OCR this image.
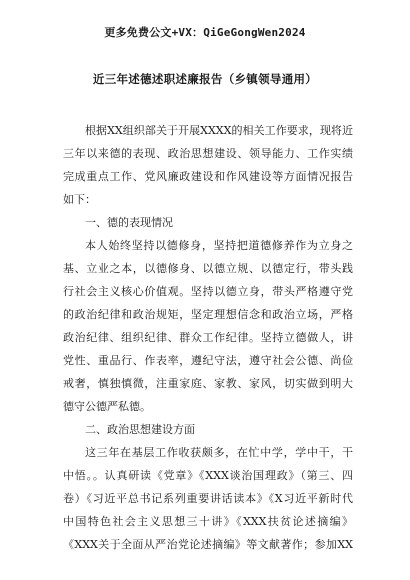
更多免费公文+VX：QiGeGongWen2024
近三年述德述职述廉报告（乡镇领导通用）
根据XX组织部关于开展XXXX的相关工作要求，现将近
三年以来德的表现、政治思想建设、领导能力、工作实绩
完成重点工作、党风廉政建设和作风建设等方面情况报告
如下：
一、德的表现情况
本人始终坚持以德修身，坚持把道德修养作为立身之
基、立业之本，以德修身、以德立规、以德定行，带头践
行社会主义核心价值观。坚持以德立身，带头严格遵守党
的政治纪律和政治规矩，坚定理想信念和政治立场，严格
政治纪律、组织纪律、群众工作纪律。坚持立德做人，讲
党性、重品行、作表率，遵纪守法，遵守社会公德、尚俭
戒奢，慎独慎微，注重家庭、家教、家风，切实做到明大
德守公德严私德。
二、政治思想建设方面
这三年在基层工作收获颇多，在忙中学，学中干，干
中悟。。认真研读《党章》《XXX谈治国理政》（第三、四
卷）《习近平总书记系列重要讲话读本》《X习近平新时代
中国特色社会主义思想三十讲》《XXX扶贫论述摘编》
《XXX关于全面从严治党论述摘编》等文献著作；参加XX
